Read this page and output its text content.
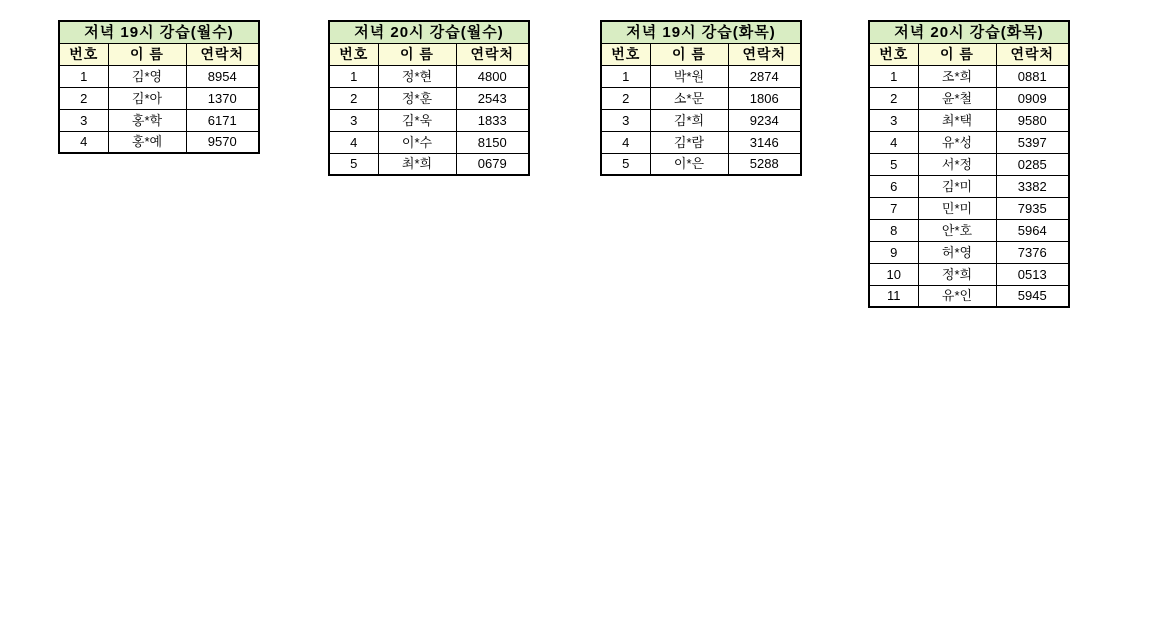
저녁 19시 강습(월수)		
번호	이 름	연락처
1	김*영	8954
2	김*아	1370
3	홍*학	6171
4	홍*예	9570
저녁 20시 강습(월수)		
번호	이 름	연락처
1	정*현	4800
2	정*훈	2543
3	김*욱	1833
4	이*수	8150
5	최*희	0679
저녁 19시 강습(화목)		
번호	이 름	연락처
1	박*원	2874
2	소*문	1806
3	김*희	9234
4	김*람	3146
5	이*은	5288
저녁 20시 강습(화목)		
번호	이 름	연락처
1	조*희	0881
2	윤*철	0909
3	최*택	9580
4	유*성	5397
5	서*정	0285
6	김*미	3382
7	민*미	7935
8	안*호	5964
9	허*영	7376
10	정*희	0513
11	유*인	5945
